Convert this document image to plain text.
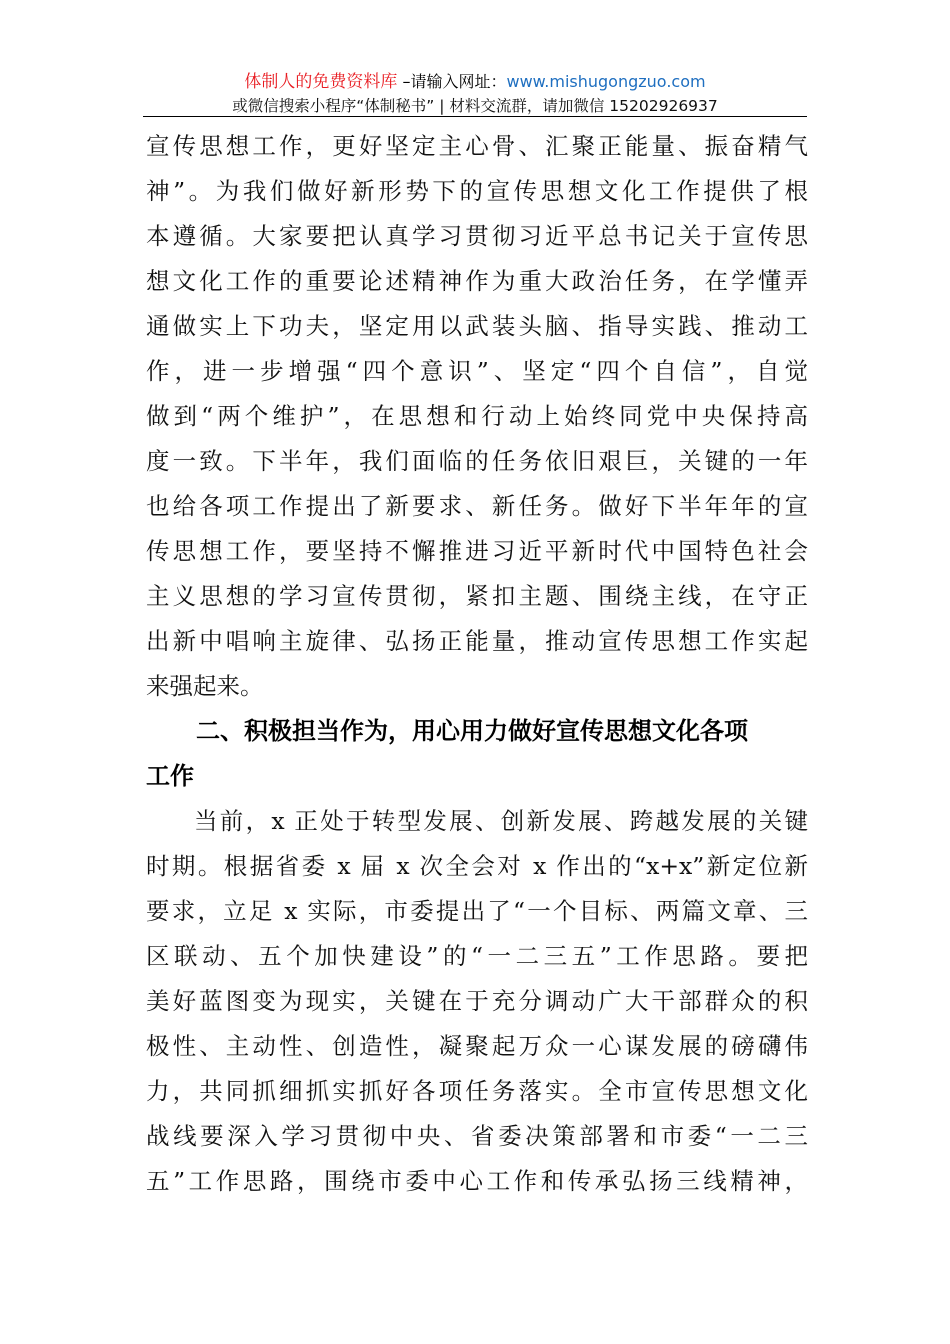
体制人的免费资料库 –请输入网址：www.mishugongzuo.com
或微信搜索小程序“体制秘书” | 材料交流群，请加微信 15202926937
宣传思想工作，更好坚定主心骨、汇聚正能量、振奋精气
神”。为我们做好新形势下的宣传思想文化工作提供了根
本遵循。大家要把认真学习贯彻习近平总书记关于宣传思
想文化工作的重要论述精神作为重大政治任务，在学懂弄
通做实上下功夫，坚定用以武装头脑、指导实践、推动工
作，进一步增强“四个意识”、坚定“四个自信”，自觉
做到“两个维护”，在思想和行动上始终同党中央保持高
度一致。下半年，我们面临的任务依旧艰巨，关键的一年
也给各项工作提出了新要求、新任务。做好下半年年的宣
传思想工作，要坚持不懈推进习近平新时代中国特色社会
主义思想的学习宣传贯彻，紧扣主题、围绕主线，在守正
出新中唱响主旋律、弘扬正能量，推动宣传思想工作实起
来强起来。
二、积极担当作为，用心用力做好宣传思想文化各项
工作
当前，x 正处于转型发展、创新发展、跨越发展的关键
时期。根据省委 x 届 x 次全会对 x 作出的“x+x”新定位新
要求，立足 x 实际，市委提出了“一个目标、两篇文章、三
区联动、五个加快建设”的“一二三五”工作思路。要把
美好蓝图变为现实，关键在于充分调动广大干部群众的积
极性、主动性、创造性，凝聚起万众一心谋发展的磅礴伟
力，共同抓细抓实抓好各项任务落实。全市宣传思想文化
战线要深入学习贯彻中央、省委决策部署和市委“一二三
五”工作思路，围绕市委中心工作和传承弘扬三线精神，
